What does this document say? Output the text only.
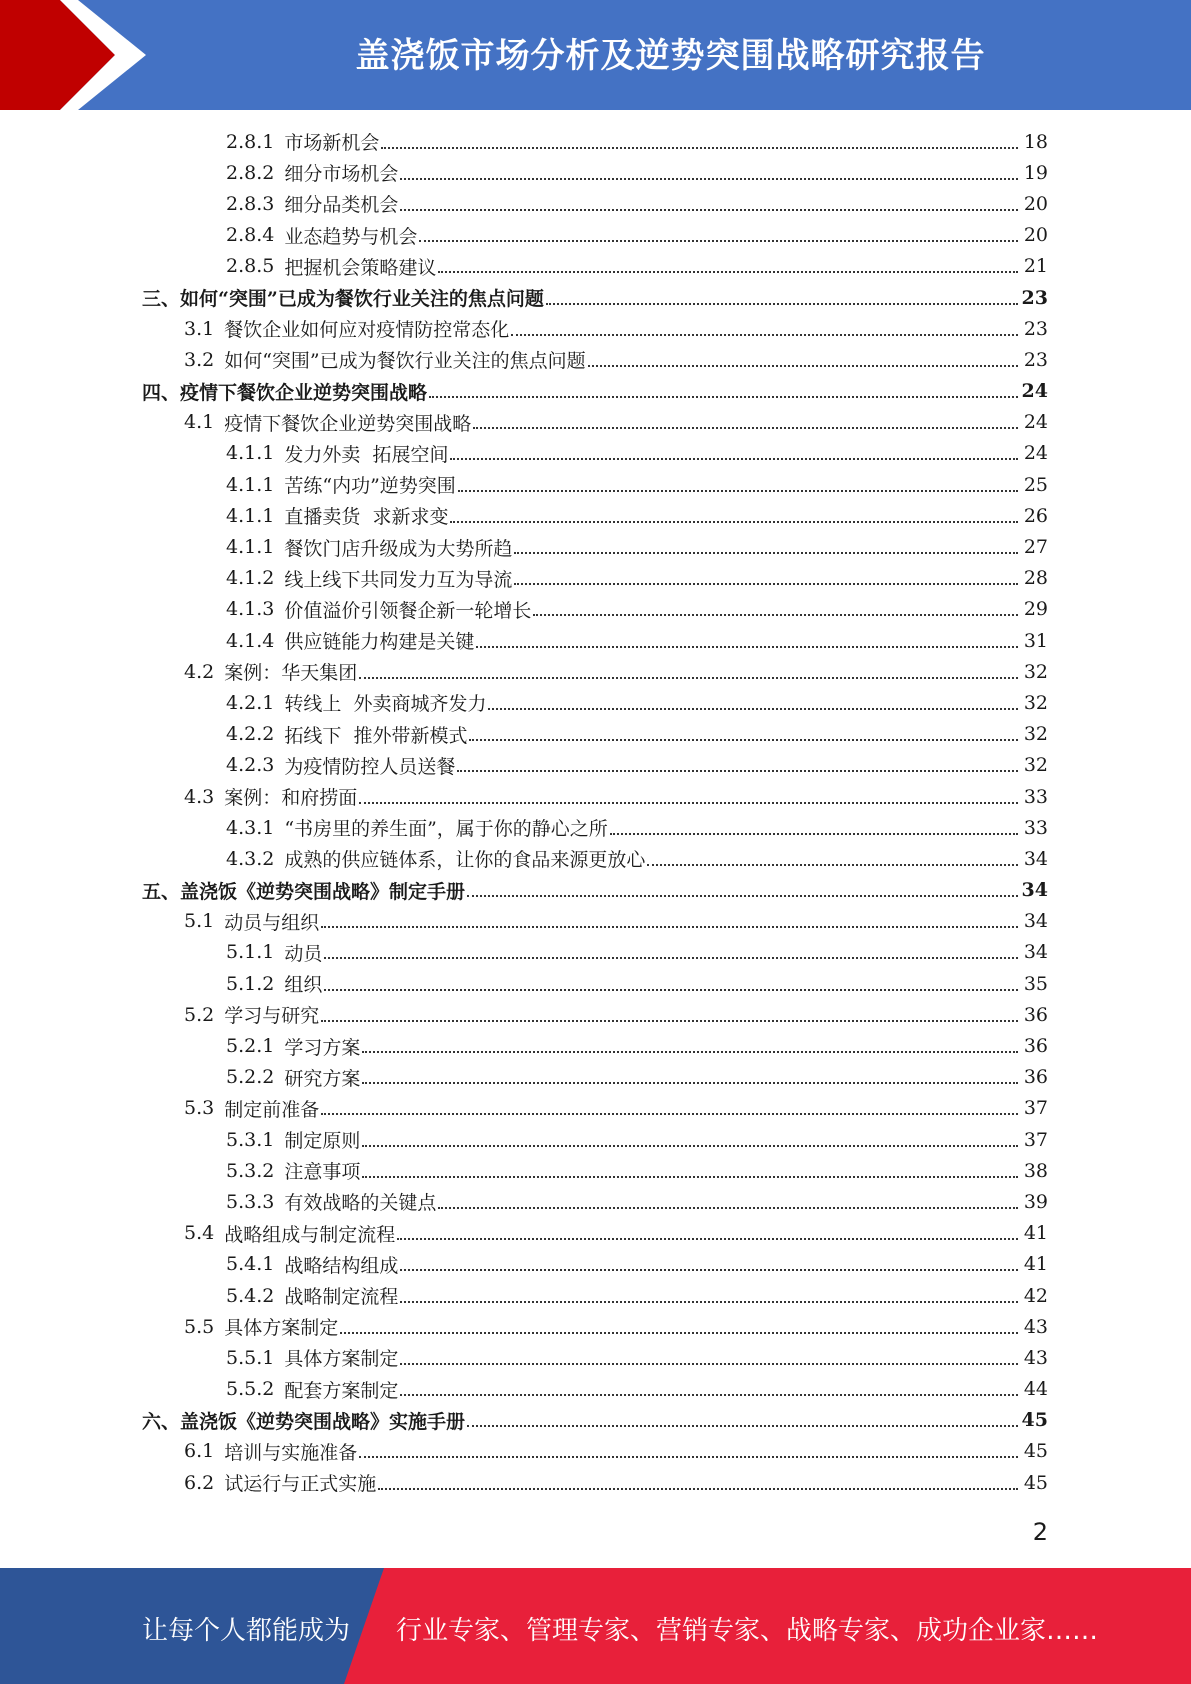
盖浇饭市场分析及逆势突围战略研究报告
2.8.1 市场新机会	18
2.8.2 细分市场机会	19
2.8.3 细分品类机会	20
2.8.4 业态趋势与机会	20
2.8.5 把握机会策略建议	21
三、如何“突围”已成为餐饮行业关注的焦点问题	23
3.1 餐饮企业如何应对疫情防控常态化	23
3.2 如何“突围”已成为餐饮行业关注的焦点问题	23
四、疫情下餐饮企业逆势突围战略	24
4.1 疫情下餐饮企业逆势突围战略	24
4.1.1 发力外卖  拓展空间	24
4.1.1 苦练“内功”逆势突围	25
4.1.1 直播卖货  求新求变	26
4.1.1 餐饮门店升级成为大势所趋	27
4.1.2 线上线下共同发力互为导流	28
4.1.3 价值溢价引领餐企新一轮增长	29
4.1.4 供应链能力构建是关键	31
4.2 案例：华天集团	32
4.2.1 转线上  外卖商城齐发力	32
4.2.2 拓线下  推外带新模式	32
4.2.3 为疫情防控人员送餐	32
4.3 案例：和府捞面	33
4.3.1 “书房里的养生面”，属于你的静心之所	33
4.3.2 成熟的供应链体系，让你的食品来源更放心	34
五、盖浇饭《逆势突围战略》制定手册	34
5.1 动员与组织	34
5.1.1 动员	34
5.1.2 组织	35
5.2 学习与研究	36
5.2.1 学习方案	36
5.2.2 研究方案	36
5.3 制定前准备	37
5.3.1 制定原则	37
5.3.2 注意事项	38
5.3.3 有效战略的关键点	39
5.4 战略组成与制定流程	41
5.4.1 战略结构组成	41
5.4.2 战略制定流程	42
5.5 具体方案制定	43
5.5.1 具体方案制定	43
5.5.2 配套方案制定	44
六、盖浇饭《逆势突围战略》实施手册	45
6.1 培训与实施准备	45
6.2 试运行与正式实施	45
2
让每个人都能成为 行业专家、管理专家、营销专家、战略专家、成功企业家……
